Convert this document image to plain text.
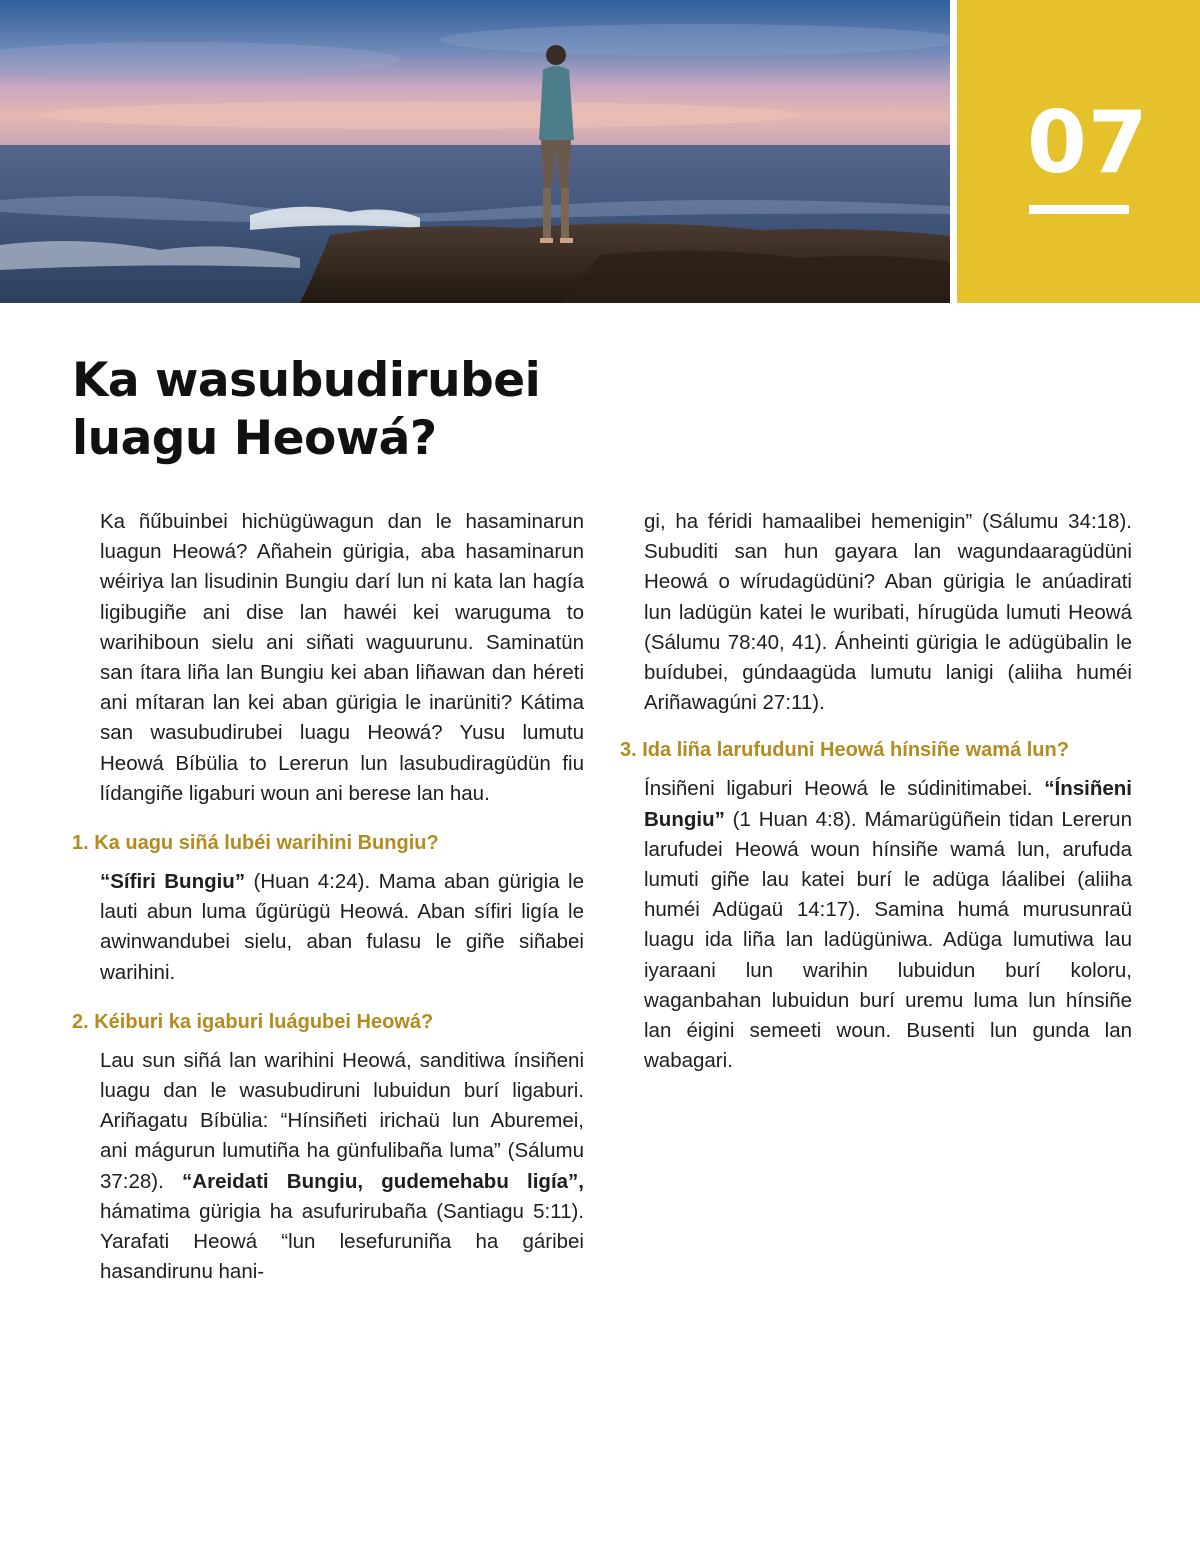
07
Ka wasubudirubei
luagu Heowá?

Ka ñűbuinbei hichügüwagun dan le hasaminarun luagun Heowá? Añahein gürigia, aba hasaminarun wéiriya lan lisudinin Bungiu darí lun ni kata lan hagía ligibugiñe ani dise lan hawéi kei waruguma to warihiboun sielu ani siñati waguurunu. Saminatün san ítara liña lan Bungiu kei aban liñawan dan héreti ani mítaran lan kei aban gürigia le inarüniti? Kátima san wasubudirubei luagu Heowá? Yusu lumutu Heowá Bíbülia to Lererun lun lasubudiragüdün fiu lídangiñe ligaburi woun ani berese lan hau.

1. Ka uagu siñá lubéi warihini Bungiu?

“Sífiri Bungiu” (Huan 4:24). Mama aban gürigia le lauti abun luma űgürügü Heowá. Aban sífiri ligía le awinwandubei sielu, aban fulasu le giñe siñabei warihini.

2. Kéiburi ka igaburi luágubei Heowá?

Lau sun siñá lan warihini Heowá, sanditiwa ínsiñeni luagu dan le wasubudiruni lubuidun burí ligaburi. Ariñagatu Bíbülia: “Hínsiñeti irichaü lun Aburemei, ani mágurun lumutiña ha günfulibaña luma” (Sálumu 37:28). “Areidati Bungiu, gudemehabu ligía”, hámatima gürigia ha asufurirubaña (Santiagu 5:11). Yarafati Heowá “lun lesefuruniña ha gáribei hasandirunu hani-

gi, ha féridi hamaalibei hemenigin” (Sálumu 34:18). Subuditi san hun gayara lan wagundaaragüdüni Heowá o wírudagüdüni? Aban gürigia le anúadirati lun ladügün katei le wuribati, hírugüda lumuti Heowá (Sálumu 78:40, 41). Ánheinti gürigia le adügübalin le buídubei, gúndaagüda lumutu lanigi (aliiha huméi Ariñawagúni 27:11).

3. Ida liña larufuduni Heowá hínsiñe wamá lun?

Ínsiñeni ligaburi Heowá le súdinitimabei. “Ínsiñeni Bungiu” (1 Huan 4:8). Mámarügüñein tidan Lererun larufudei Heowá woun hínsiñe wamá lun, arufuda lumuti giñe lau katei burí le adüga láalibei (aliiha huméi Adügaü 14:17). Samina humá murusunraü luagu ida liña lan ladügüniwa. Adüga lumutiwa lau iyaraani lun warihin lubuidun burí koloru, waganbahan lubuidun burí uremu luma lun hínsiñe lan éigini semeeti woun. Busenti lun gunda lan wabagari.
